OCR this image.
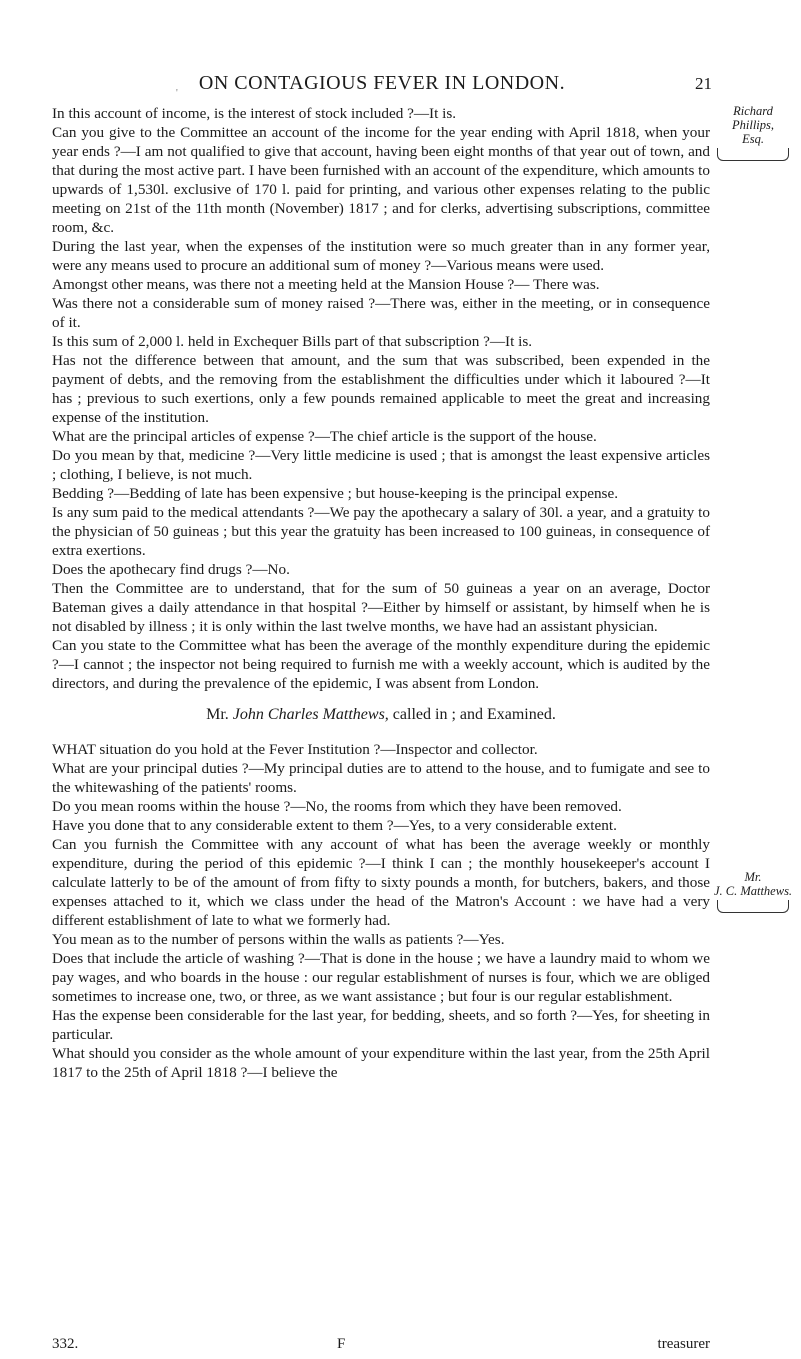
ON CONTAGIOUS FEVER IN LONDON.	21
'
Richard Phillips,
Esq.
Mr.
J. C. Matthews.

In this account of income, is the interest of stock included ?—It is.

Can you give to the Committee an account of the income for the year ending with April 1818, when your year ends ?—I am not qualified to give that account, having been eight months of that year out of town, and that during the most active part. I have been furnished with an account of the expenditure, which amounts to upwards of 1,530l. exclusive of 170 l. paid for printing, and various other expenses relating to the public meeting on 21st of the 11th month (November) 1817 ; and for clerks, advertising subscriptions, committee room, &c.

During the last year, when the expenses of the institution were so much greater than in any former year, were any means used to procure an additional sum of money ?—Various means were used.

Amongst other means, was there not a meeting held at the Mansion House ?— There was.

Was there not a considerable sum of money raised ?—There was, either in the meeting, or in consequence of it.

Is this sum of 2,000 l. held in Exchequer Bills part of that subscription ?—It is.

Has not the difference between that amount, and the sum that was subscribed, been expended in the payment of debts, and the removing from the establishment the difficulties under which it laboured ?—It has ; previous to such exertions, only a few pounds remained applicable to meet the great and increasing expense of the institution.

What are the principal articles of expense ?—The chief article is the support of the house.

Do you mean by that, medicine ?—Very little medicine is used ; that is amongst the least expensive articles ; clothing, I believe, is not much.

Bedding ?—Bedding of late has been expensive ; but house-keeping is the principal expense.

Is any sum paid to the medical attendants ?—We pay the apothecary a salary of 30l. a year, and a gratuity to the physician of 50 guineas ; but this year the gratuity has been increased to 100 guineas, in consequence of extra exertions.

Does the apothecary find drugs ?—No.

Then the Committee are to understand, that for the sum of 50 guineas a year on an average, Doctor Bateman gives a daily attendance in that hospital ?—Either by himself or assistant, by himself when he is not disabled by illness ; it is only within the last twelve months, we have had an assistant physician.

Can you state to the Committee what has been the average of the monthly expenditure during the epidemic ?—I cannot ; the inspector not being required to furnish me with a weekly account, which is audited by the directors, and during the prevalence of the epidemic, I was absent from London.

Mr. John Charles Matthews, called in ; and Examined.

WHAT situation do you hold at the Fever Institution ?—Inspector and collector.

What are your principal duties ?—My principal duties are to attend to the house, and to fumigate and see to the whitewashing of the patients' rooms.

Do you mean rooms within the house ?—No, the rooms from which they have been removed.

Have you done that to any considerable extent to them ?—Yes, to a very considerable extent.

Can you furnish the Committee with any account of what has been the average weekly or monthly expenditure, during the period of this epidemic ?—I think I can ; the monthly housekeeper's account I calculate latterly to be of the amount of from fifty to sixty pounds a month, for butchers, bakers, and those expenses attached to it, which we class under the head of the Matron's Account : we have had a very different establishment of late to what we formerly had.

You mean as to the number of persons within the walls as patients ?—Yes.

Does that include the article of washing ?—That is done in the house ; we have a laundry maid to whom we pay wages, and who boards in the house : our regular establishment of nurses is four, which we are obliged sometimes to increase one, two, or three, as we want assistance ; but four is our regular establishment.

Has the expense been considerable for the last year, for bedding, sheets, and so forth ?—Yes, for sheeting in particular.

What should you consider as the whole amount of your expenditure within the last year, from the 25th April 1817 to the 25th of April 1818 ?—I believe the

332.	F	treasurer
